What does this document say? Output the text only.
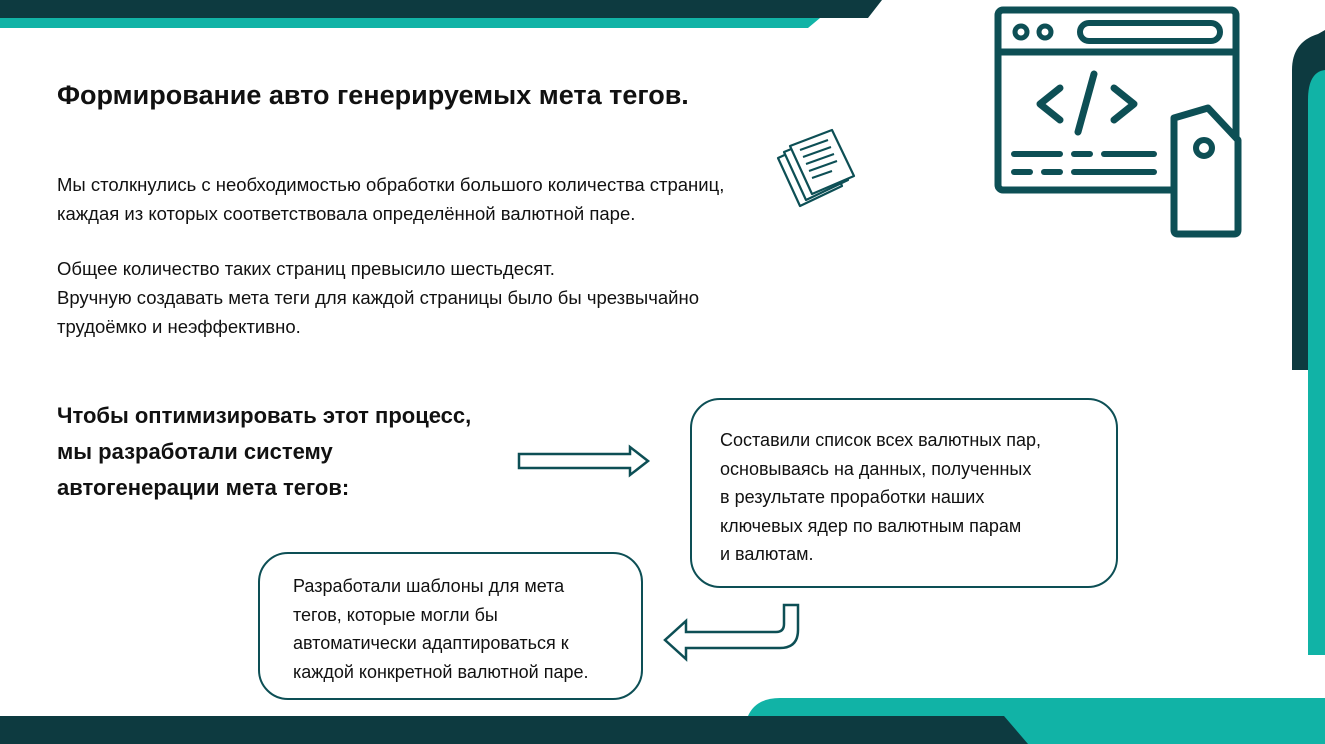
Формирование авто генерируемых мета тегов.
Мы столкнулись с необходимостью обработки большого количества страниц,
каждая из которых соответствовала определённой валютной паре.
Общее количество таких страниц превысило шестьдесят.
Вручную создавать мета теги для каждой страницы было бы чрезвычайно
трудоёмко и неэффективно.
Чтобы оптимизировать этот процесс,
мы разработали систему
автогенерации мета тегов:
Составили список всех валютных пар,
основываясь на данных, полученных
в результате проработки наших
ключевых ядер по валютным парам
и валютам.
Разработали шаблоны для мета
тегов, которые могли бы
автоматически адаптироваться к
каждой конкретной валютной паре.
